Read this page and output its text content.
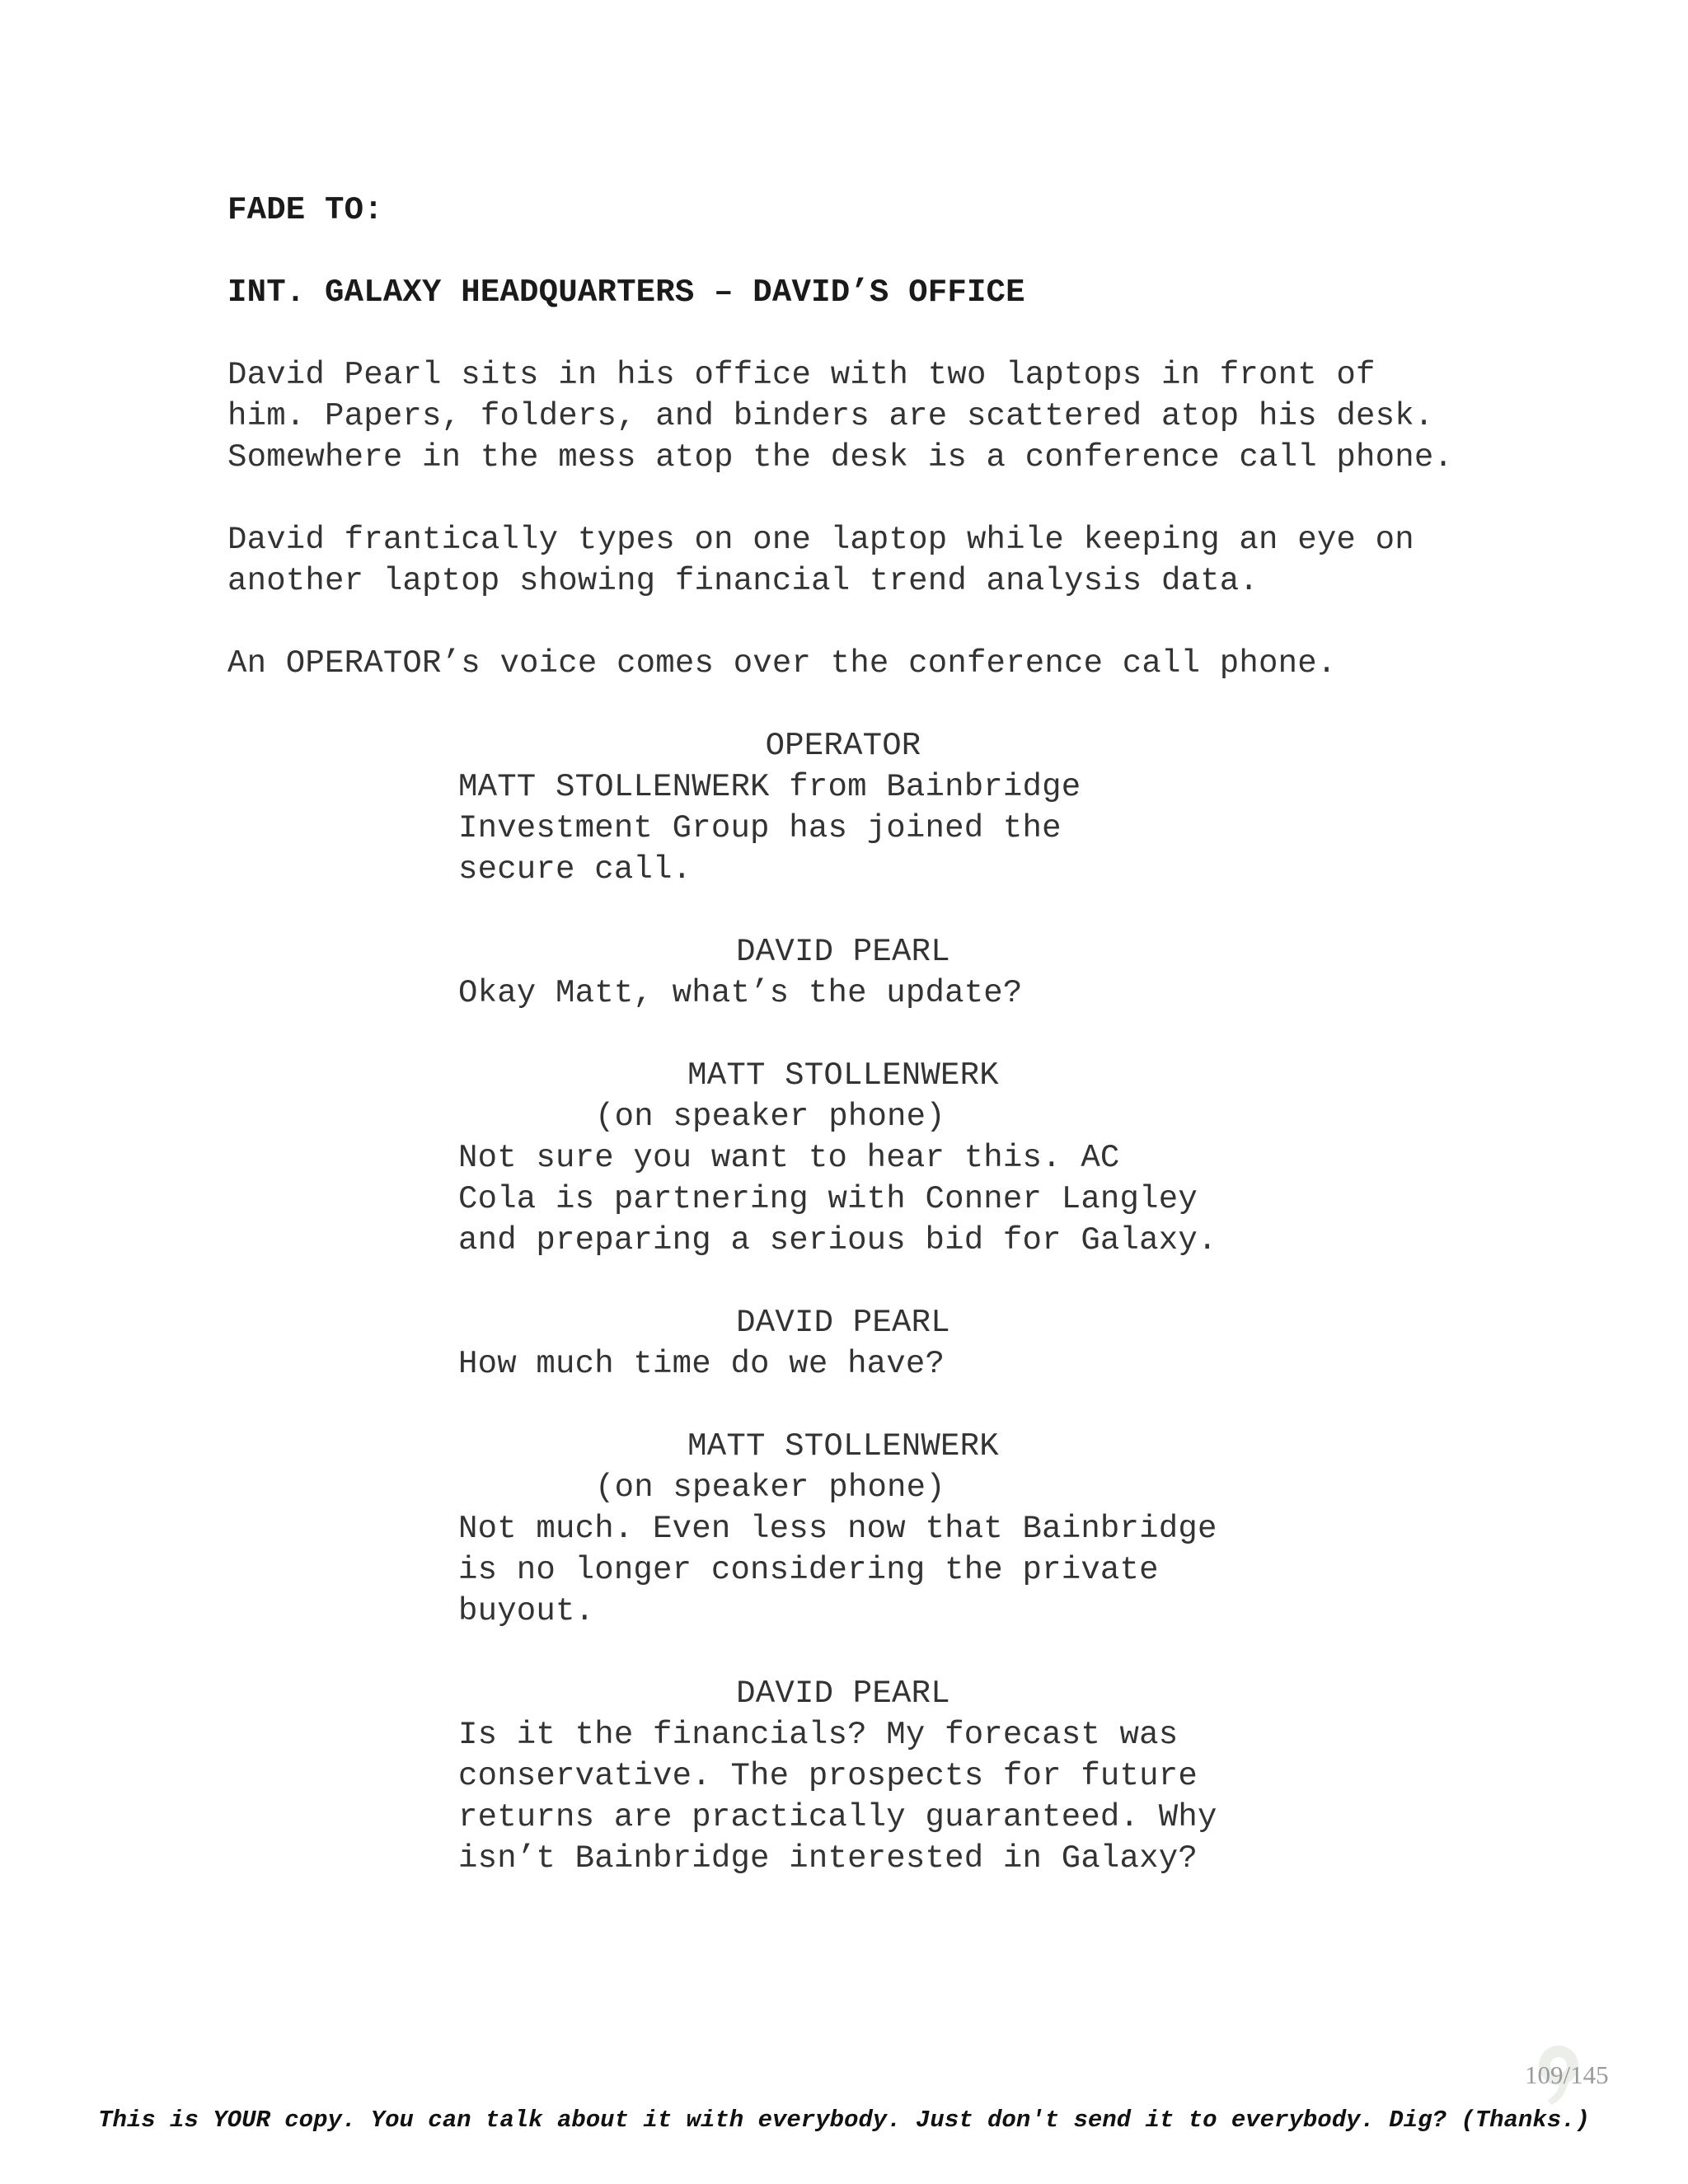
FADE TO:
INT. GALAXY HEADQUARTERS – DAVID’S OFFICE
David Pearl sits in his office with two laptops in front of
him. Papers, folders, and binders are scattered atop his desk.
Somewhere in the mess atop the desk is a conference call phone.
David frantically types on one laptop while keeping an eye on
another laptop showing financial trend analysis data.
An OPERATOR’s voice comes over the conference call phone.
OPERATOR
MATT STOLLENWERK from Bainbridge
Investment Group has joined the
secure call.
DAVID PEARL
Okay Matt, what’s the update?
MATT STOLLENWERK
(on speaker phone)
Not sure you want to hear this. AC
Cola is partnering with Conner Langley
and preparing a serious bid for Galaxy.
DAVID PEARL
How much time do we have?
MATT STOLLENWERK
(on speaker phone)
Not much. Even less now that Bainbridge
is no longer considering the private
buyout.
DAVID PEARL
Is it the financials? My forecast was
conservative. The prospects for future
returns are practically guaranteed. Why
isn’t Bainbridge interested in Galaxy?
109/145
This is YOUR copy. You can talk about it with everybody. Just don't send it to everybody. Dig? (Thanks.)
